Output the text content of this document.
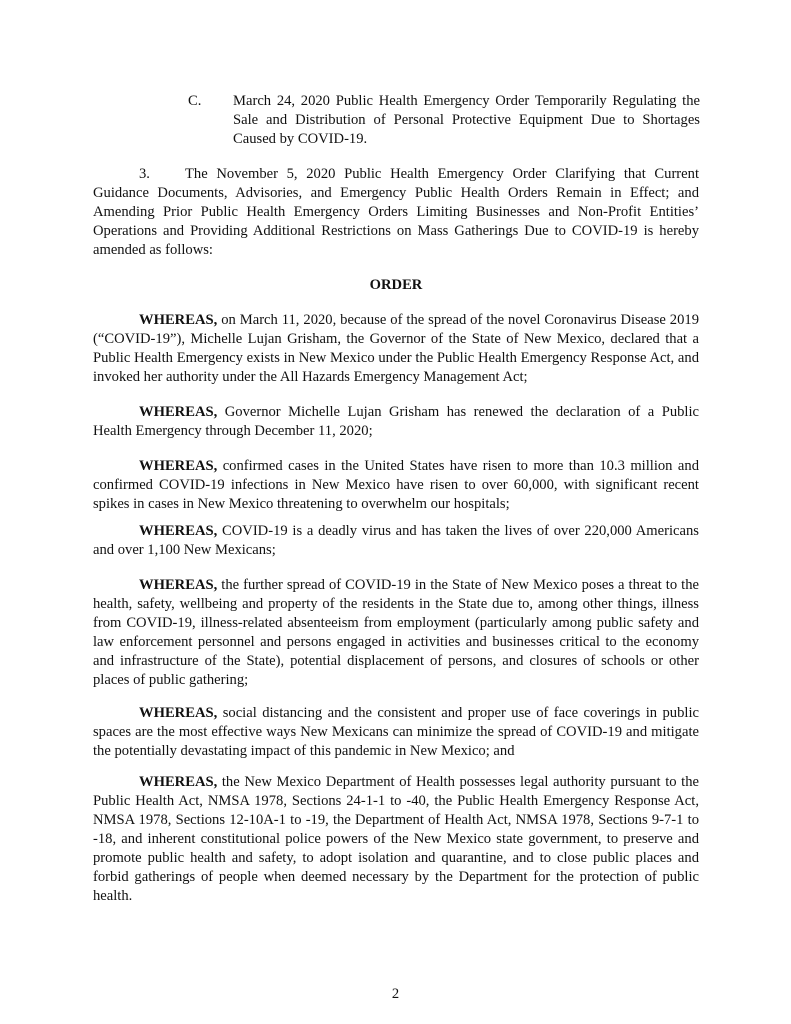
C. March 24, 2020 Public Health Emergency Order Temporarily Regulating the Sale and Distribution of Personal Protective Equipment Due to Shortages Caused by COVID-19.
3. The November 5, 2020 Public Health Emergency Order Clarifying that Current Guidance Documents, Advisories, and Emergency Public Health Orders Remain in Effect; and Amending Prior Public Health Emergency Orders Limiting Businesses and Non-Profit Entities’ Operations and Providing Additional Restrictions on Mass Gatherings Due to COVID-19 is hereby amended as follows:
ORDER
WHEREAS, on March 11, 2020, because of the spread of the novel Coronavirus Disease 2019 (“COVID-19”), Michelle Lujan Grisham, the Governor of the State of New Mexico, declared that a Public Health Emergency exists in New Mexico under the Public Health Emergency Response Act, and invoked her authority under the All Hazards Emergency Management Act;
WHEREAS, Governor Michelle Lujan Grisham has renewed the declaration of a Public Health Emergency through December 11, 2020;
WHEREAS, confirmed cases in the United States have risen to more than 10.3 million and confirmed COVID-19 infections in New Mexico have risen to over 60,000, with significant recent spikes in cases in New Mexico threatening to overwhelm our hospitals;
WHEREAS, COVID-19 is a deadly virus and has taken the lives of over 220,000 Americans and over 1,100 New Mexicans;
WHEREAS, the further spread of COVID-19 in the State of New Mexico poses a threat to the health, safety, wellbeing and property of the residents in the State due to, among other things, illness from COVID-19, illness-related absenteeism from employment (particularly among public safety and law enforcement personnel and persons engaged in activities and businesses critical to the economy and infrastructure of the State), potential displacement of persons, and closures of schools or other places of public gathering;
WHEREAS, social distancing and the consistent and proper use of face coverings in public spaces are the most effective ways New Mexicans can minimize the spread of COVID-19 and mitigate the potentially devastating impact of this pandemic in New Mexico; and
WHEREAS, the New Mexico Department of Health possesses legal authority pursuant to the Public Health Act, NMSA 1978, Sections 24-1-1 to -40, the Public Health Emergency Response Act, NMSA 1978, Sections 12-10A-1 to -19, the Department of Health Act, NMSA 1978, Sections 9-7-1 to -18, and inherent constitutional police powers of the New Mexico state government, to preserve and promote public health and safety, to adopt isolation and quarantine, and to close public places and forbid gatherings of people when deemed necessary by the Department for the protection of public health.
2
